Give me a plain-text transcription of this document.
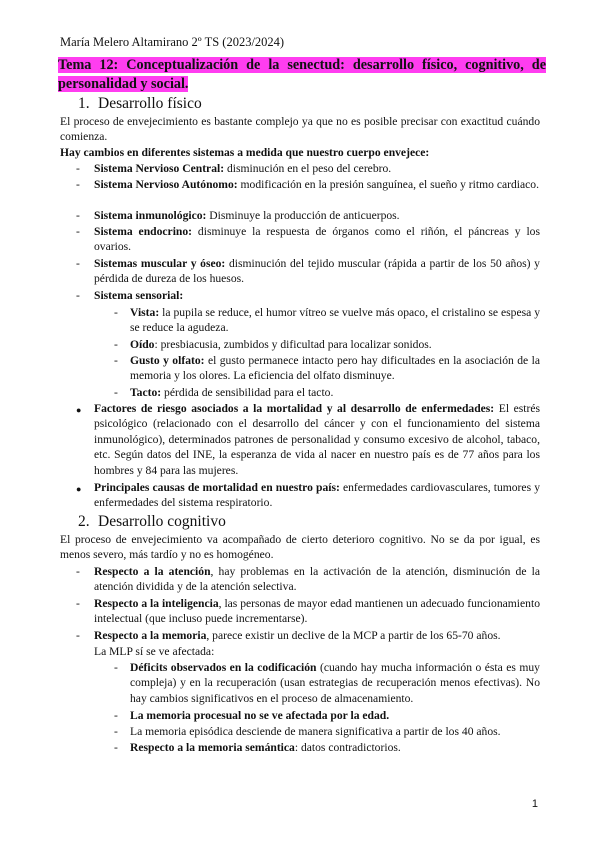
María Melero Altamirano 2º TS (2023/2024)
Tema 12: Conceptualización de la senectud: desarrollo físico, cognitivo, de personalidad y social.
1. Desarrollo físico
El proceso de envejecimiento es bastante complejo ya que no es posible precisar con exactitud cuándo comienza.
Hay cambios en diferentes sistemas a medida que nuestro cuerpo envejece:
-	Sistema Nervioso Central: disminución en el peso del cerebro.
-	Sistema Nervioso Autónomo: modificación en la presión sanguínea, el sueño y ritmo cardiaco.
-	Sistema inmunológico: Disminuye la producción de anticuerpos.
-	Sistema endocrino: disminuye la respuesta de órganos como el riñón, el páncreas y los ovarios.
-	Sistemas muscular y óseo: disminución del tejido muscular (rápida a partir de los 50 años) y pérdida de dureza de los huesos.
-	Sistema sensorial:
-	Vista: la pupila se reduce, el humor vítreo se vuelve más opaco, el cristalino se espesa y se reduce la agudeza.
-	Oído: presbiacusia, zumbidos y dificultad para localizar sonidos.
-	Gusto y olfato: el gusto permanece intacto pero hay dificultades en la asociación de la memoria y los olores. La eficiencia del olfato disminuye.
-	Tacto: pérdida de sensibilidad para el tacto.
●	Factores de riesgo asociados a la mortalidad y al desarrollo de enfermedades: El estrés psicológico (relacionado con el desarrollo del cáncer y con el funcionamiento del sistema inmunológico), determinados patrones de personalidad y consumo excesivo de alcohol, tabaco, etc. Según datos del INE, la esperanza de vida al nacer en nuestro país es de 77 años para los hombres y 84 para las mujeres.
●	Principales causas de mortalidad en nuestro país: enfermedades cardiovasculares, tumores y enfermedades del sistema respiratorio.
2. Desarrollo cognitivo
El proceso de envejecimiento va acompañado de cierto deterioro cognitivo. No se da por igual, es menos severo, más tardío y no es homogéneo.
-	Respecto a la atención, hay problemas en la activación de la atención, disminución de la atención dividida y de la atención selectiva.
-	Respecto a la inteligencia, las personas de mayor edad mantienen un adecuado funcionamiento intelectual (que incluso puede incrementarse).
-	Respecto a la memoria, parece existir un declive de la MCP a partir de los 65-70 años.
La MLP sí se ve afectada:
-	Déficits observados en la codificación (cuando hay mucha información o ésta es muy compleja) y en la recuperación (usan estrategias de recuperación menos efectivas). No hay cambios significativos en el proceso de almacenamiento.
-	La memoria procesual no se ve afectada por la edad.
-	La memoria episódica desciende de manera significativa a partir de los 40 años.
-	Respecto a la memoria semántica: datos contradictorios.
1
